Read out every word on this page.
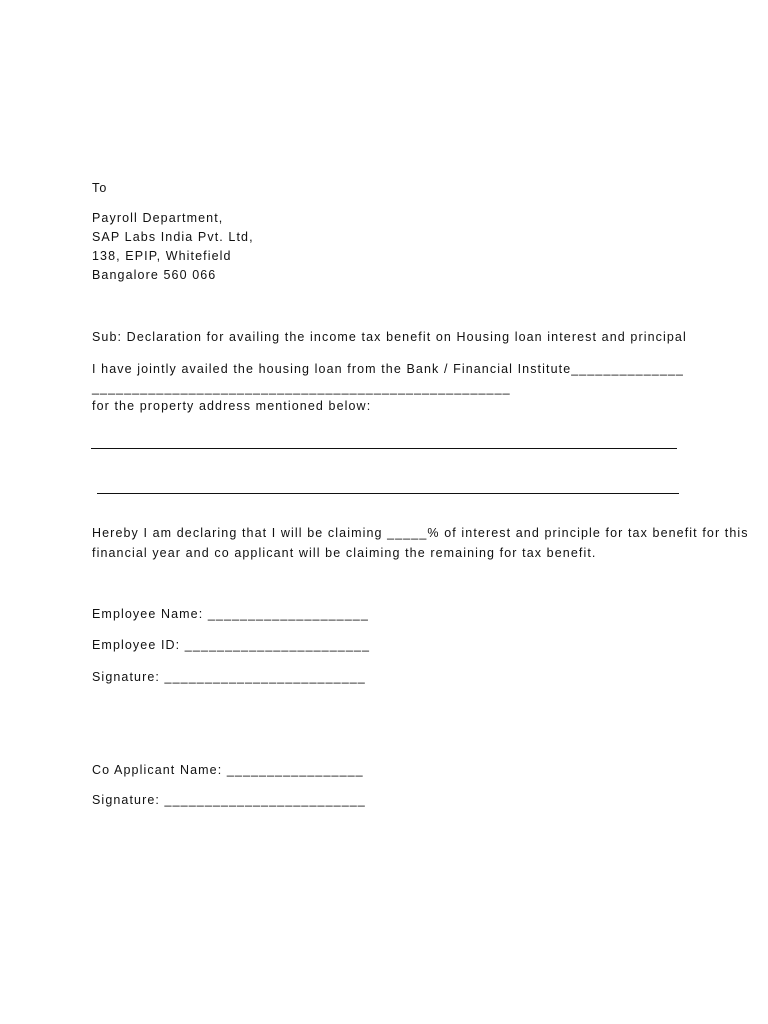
To
Payroll Department,
SAP Labs India Pvt. Ltd,
138, EPIP, Whitefield
Bangalore 560 066
Sub: Declaration for availing the income tax benefit on Housing loan interest and principal
I have jointly availed the housing loan from the Bank / Financial Institute______________
____________________________________________________
for the property address mentioned below:
Hereby I am declaring that I will be claiming _____% of interest and principle for tax benefit for this
financial year and co applicant will be claiming the remaining for tax benefit.
Employee Name: ____________________
Employee ID: _______________________
Signature: _________________________
Co Applicant Name: _________________
Signature: _________________________
